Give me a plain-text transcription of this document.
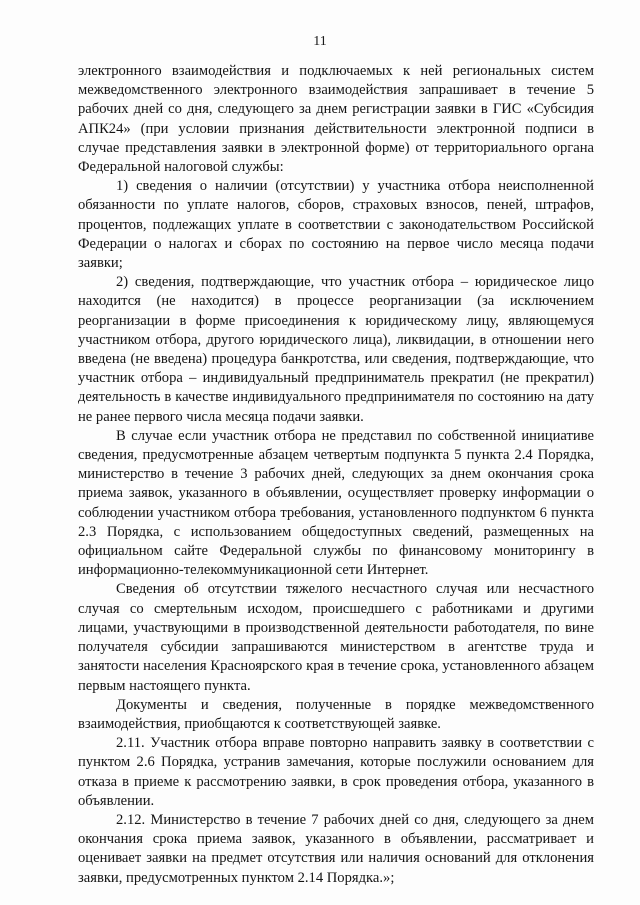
11

электронного взаимодействия и подключаемых к ней региональных систем межведомственного электронного взаимодействия запрашивает в течение 5 рабочих дней со дня, следующего за днем регистрации заявки в ГИС «Субсидия АПК24» (при условии признания действительности электронной подписи в случае представления заявки в электронной форме) от территориального органа Федеральной налоговой службы:

1) сведения о наличии (отсутствии) у участника отбора неисполненной обязанности по уплате налогов, сборов, страховых взносов, пеней, штрафов, процентов, подлежащих уплате в соответствии с законодательством Российской Федерации о налогах и сборах по состоянию на первое число месяца подачи заявки;

2) сведения, подтверждающие, что участник отбора – юридическое лицо находится (не находится) в процессе реорганизации (за исключением реорганизации в форме присоединения к юридическому лицу, являющемуся участником отбора, другого юридического лица), ликвидации, в отношении него введена (не введена) процедура банкротства, или сведения, подтверждающие, что участник отбора – индивидуальный предприниматель прекратил (не прекратил) деятельность в качестве индивидуального предпринимателя по состоянию на дату не ранее первого числа месяца подачи заявки.

В случае если участник отбора не представил по собственной инициативе сведения, предусмотренные абзацем четвертым подпункта 5 пункта 2.4 Порядка, министерство в течение 3 рабочих дней, следующих за днем окончания срока приема заявок, указанного в объявлении, осуществляет проверку информации о соблюдении участником отбора требования, установленного подпунктом 6 пункта 2.3 Порядка, с использованием общедоступных сведений, размещенных на официальном сайте Федеральной службы по финансовому мониторингу в информационно-телекоммуникационной сети Интернет.

Сведения об отсутствии тяжелого несчастного случая или несчастного случая со смертельным исходом, происшедшего с работниками и другими лицами, участвующими в производственной деятельности работодателя, по вине получателя субсидии запрашиваются министерством в агентстве труда и занятости населения Красноярского края в течение срока, установленного абзацем первым настоящего пункта.

Документы и сведения, полученные в порядке межведомственного взаимодействия, приобщаются к соответствующей заявке.

2.11. Участник отбора вправе повторно направить заявку в соответствии с пунктом 2.6 Порядка, устранив замечания, которые послужили основанием для отказа в приеме к рассмотрению заявки, в срок проведения отбора, указанного в объявлении.

2.12. Министерство в течение 7 рабочих дней со дня, следующего за днем окончания срока приема заявок, указанного в объявлении, рассматривает и оценивает заявки на предмет отсутствия или наличия оснований для отклонения заявки, предусмотренных пунктом 2.14 Порядка.»;
